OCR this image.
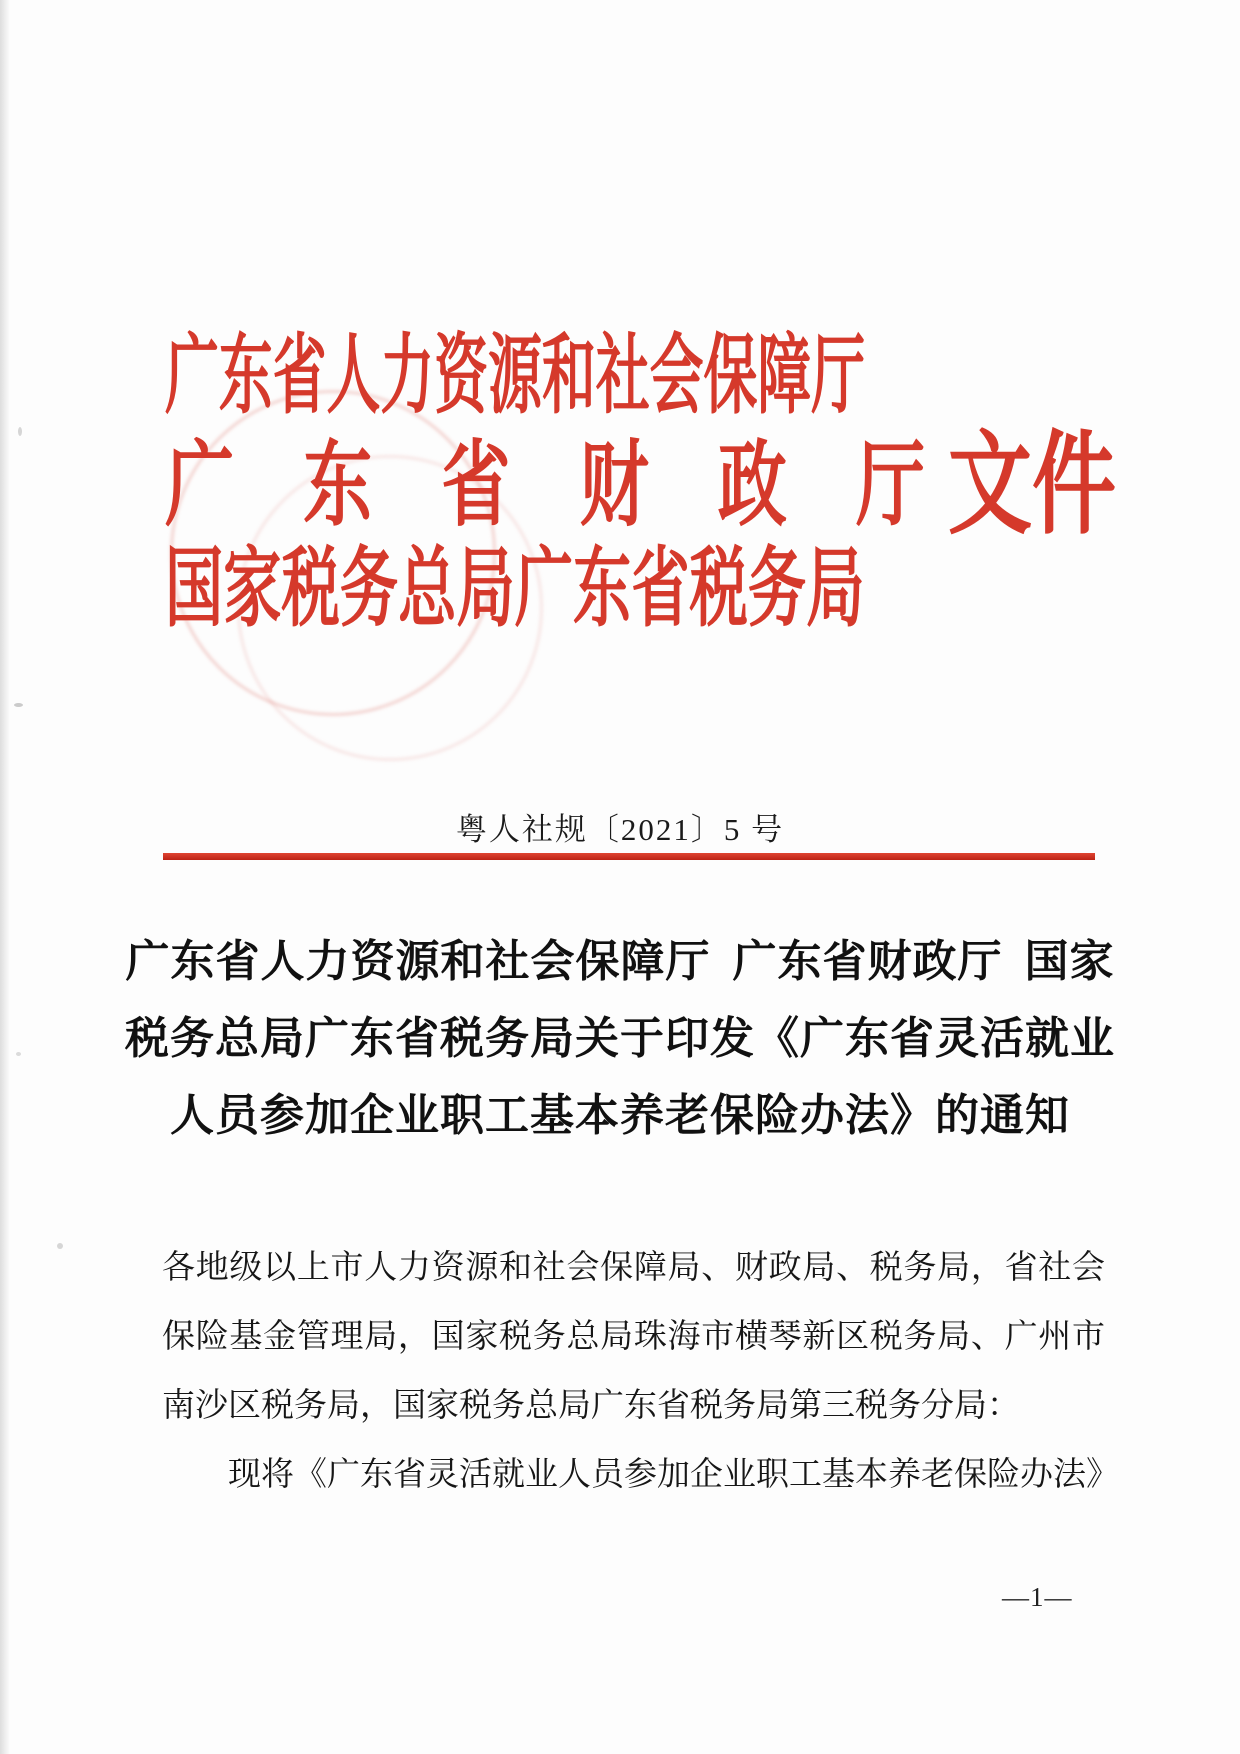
广东省人力资源和社会保障厅
广　东　省　财　政　厅 文件
国家税务总局广东省税务局
粤人社规〔2021〕5 号
广东省人力资源和社会保障厅 广东省财政厅 国家
税务总局广东省税务局关于印发《广东省灵活就业
人员参加企业职工基本养老保险办法》的通知
各地级以上市人力资源和社会保障局、财政局、税务局，省社会
保险基金管理局，国家税务总局珠海市横琴新区税务局、广州市
南沙区税务局，国家税务总局广东省税务局第三税务分局：
现将《广东省灵活就业人员参加企业职工基本养老保险办法》
—1—
